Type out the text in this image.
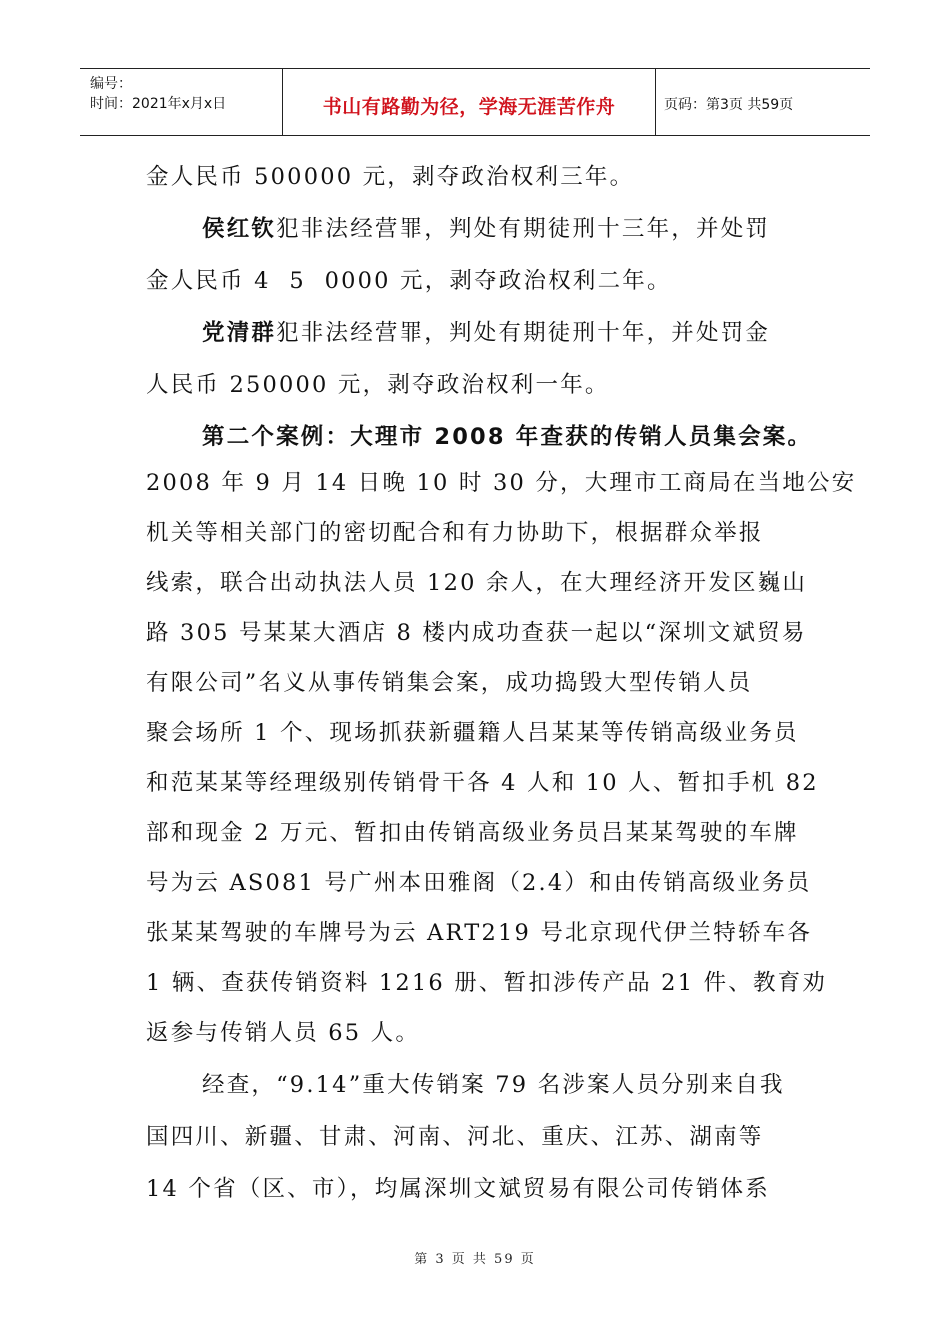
编号：
时间：2021年x月x日	书山有路勤为径，学海无涯苦作舟	页码：第3页 共59页
金人民币 500000 元，剥夺政治权利三年。
侯红钦犯非法经营罪，判处有期徒刑十三年，并处罚
金人民币 4  5  0000 元，剥夺政治权利二年。
党清群犯非法经营罪，判处有期徒刑十年，并处罚金
人民币 250000 元，剥夺政治权利一年。
第二个案例：大理市 2008 年查获的传销人员集会案。
2008 年 9 月 14 日晚 10 时 30 分，大理市工商局在当地公安
机关等相关部门的密切配合和有力协助下，根据群众举报
线索，联合出动执法人员 120 余人，在大理经济开发区巍山
路 305 号某某大酒店 8 楼内成功查获一起以“深圳文斌贸易
有限公司”名义从事传销集会案，成功捣毁大型传销人员
聚会场所 1 个、现场抓获新疆籍人吕某某等传销高级业务员
和范某某等经理级别传销骨干各 4 人和 10 人、暂扣手机 82
部和现金 2 万元、暂扣由传销高级业务员吕某某驾驶的车牌
号为云 AS081 号广州本田雅阁（2.4）和由传销高级业务员
张某某驾驶的车牌号为云 ART219 号北京现代伊兰特轿车各
1 辆、查获传销资料 1216 册、暂扣涉传产品 21 件、教育劝
返参与传销人员 65 人。
经查，“9.14”重大传销案 79 名涉案人员分别来自我
国四川、新疆、甘肃、河南、河北、重庆、江苏、湖南等
14 个省（区、市），均属深圳文斌贸易有限公司传销体系
第 3 页 共 59 页
